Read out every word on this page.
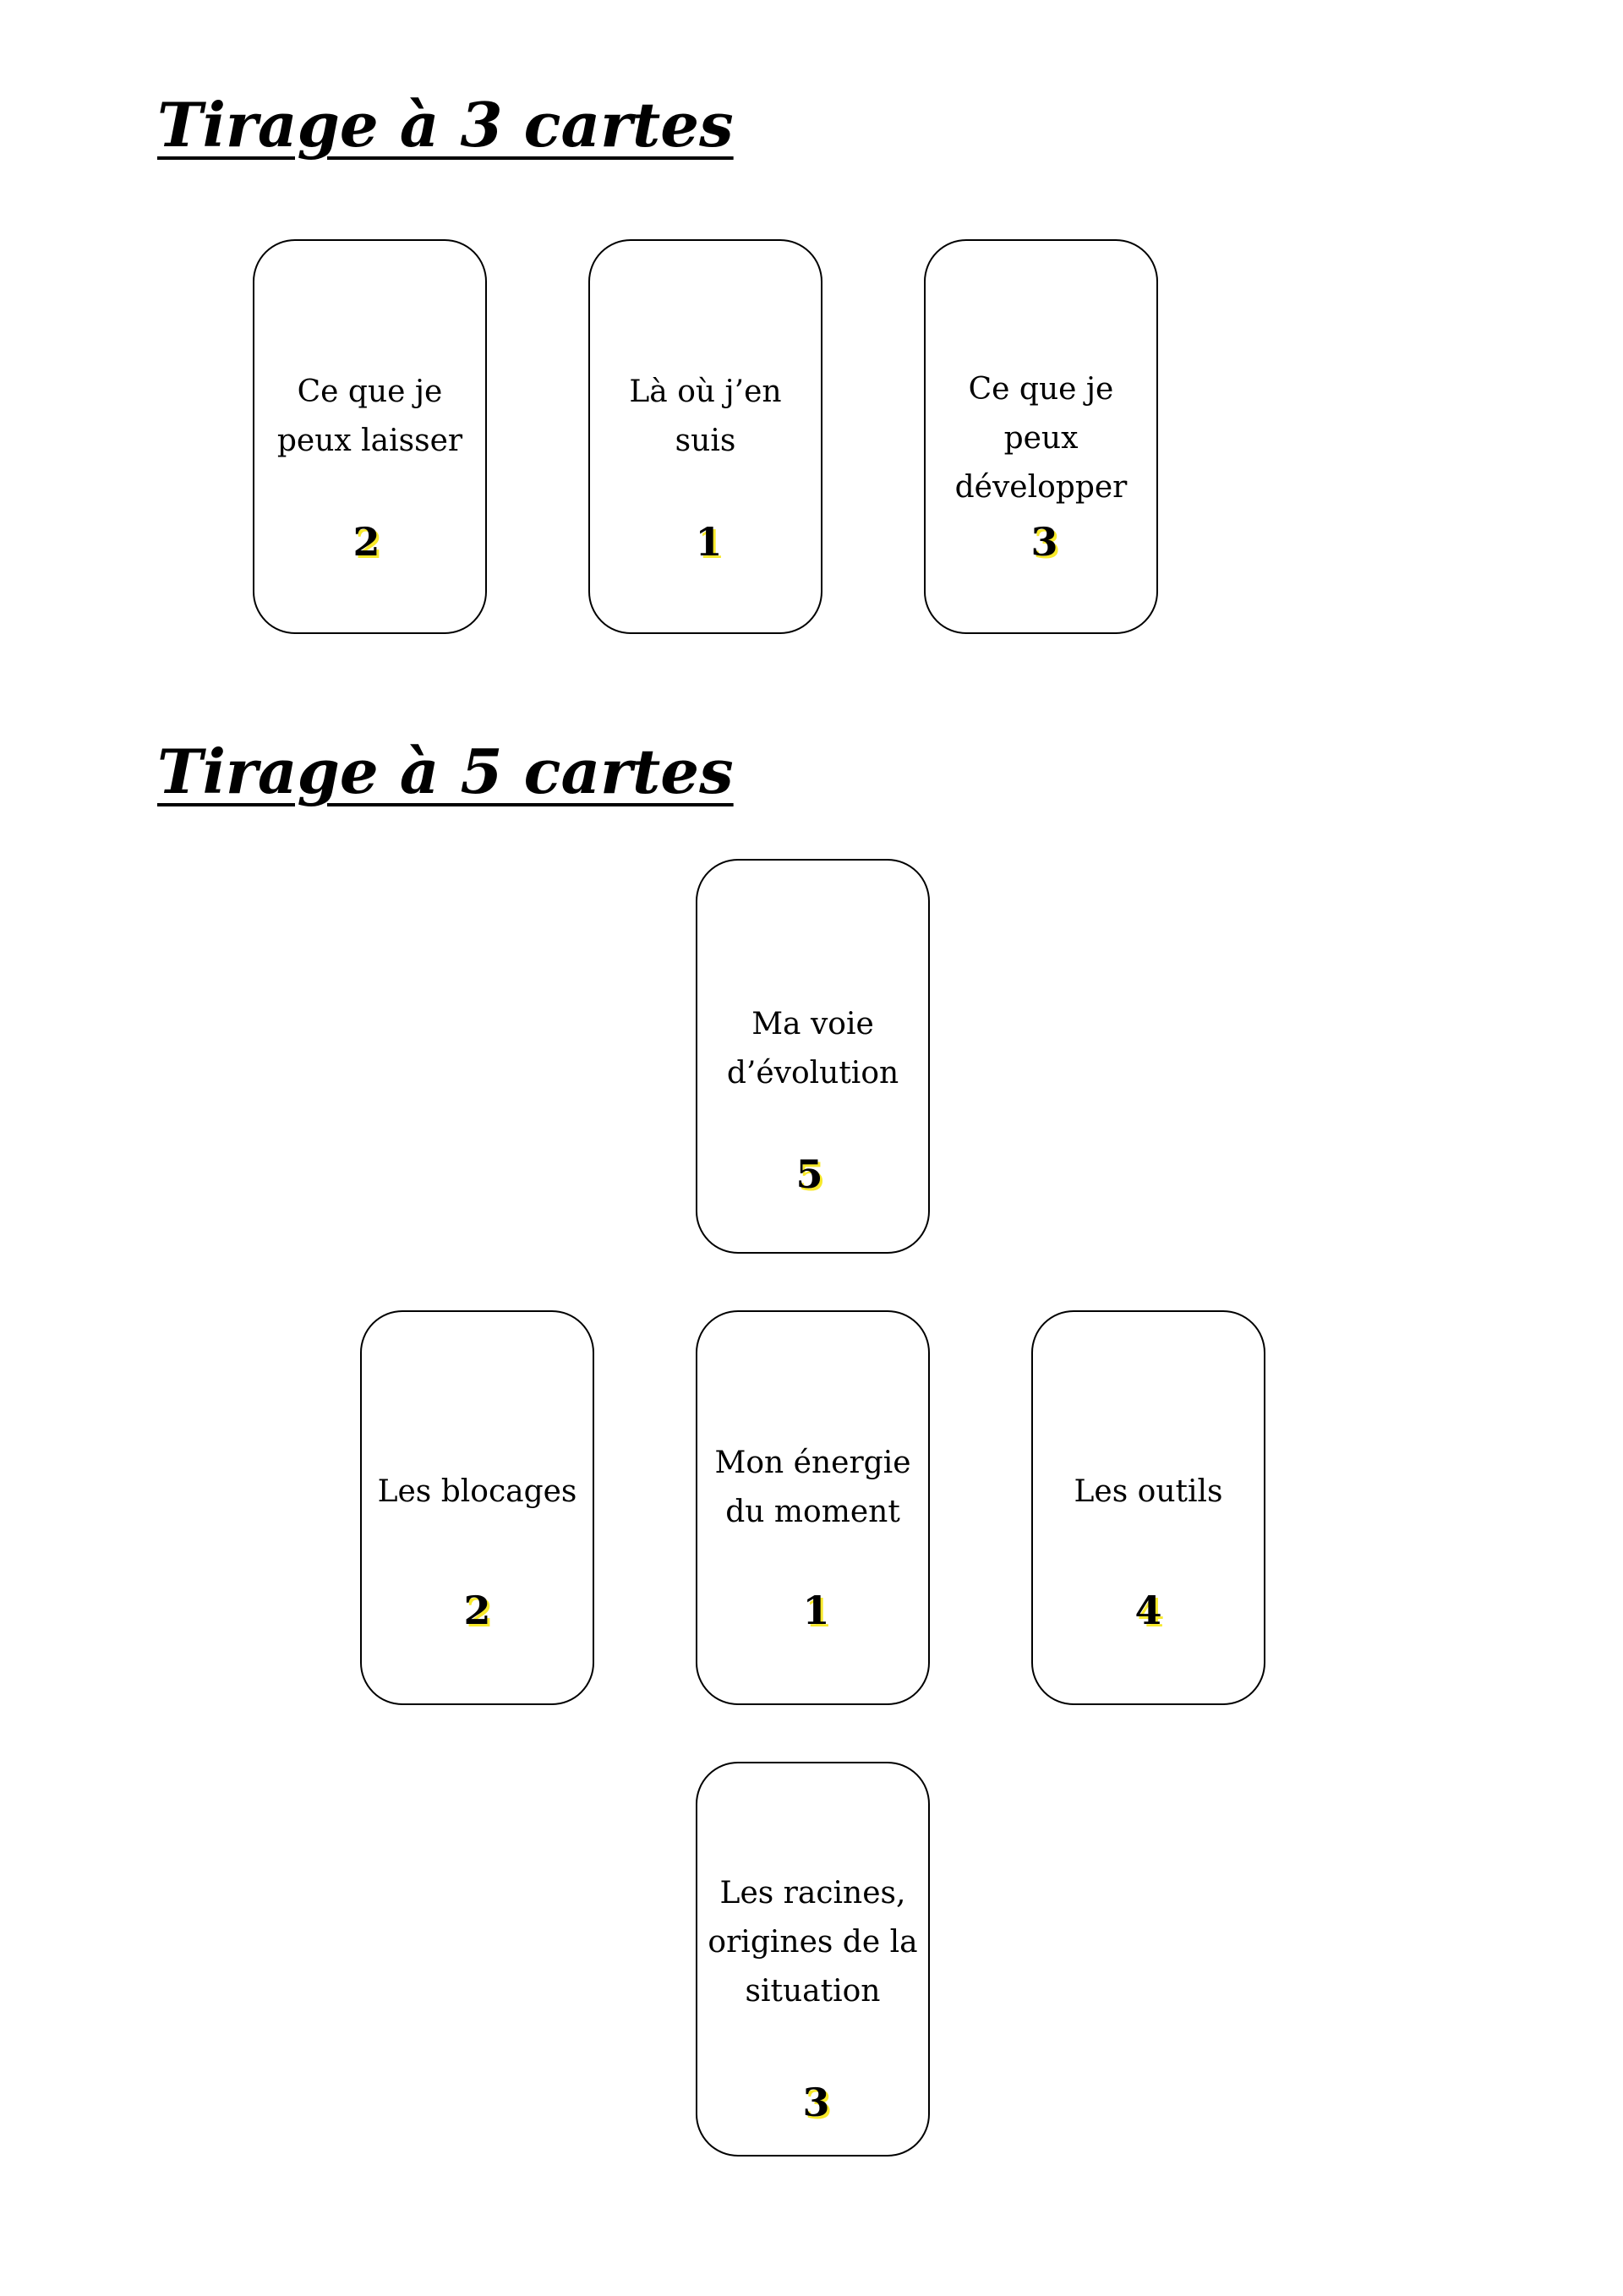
Tirage à 3 cartes
Ce que je
peux laisser
2
Là où j’en
suis
1
Ce que je peux
développer
3
Tirage à 5 cartes
Ma voie
d’évolution
5
Les blocages
2
Mon énergie
du moment
1
Les outils
4
Les racines,
origines de la
situation
3
